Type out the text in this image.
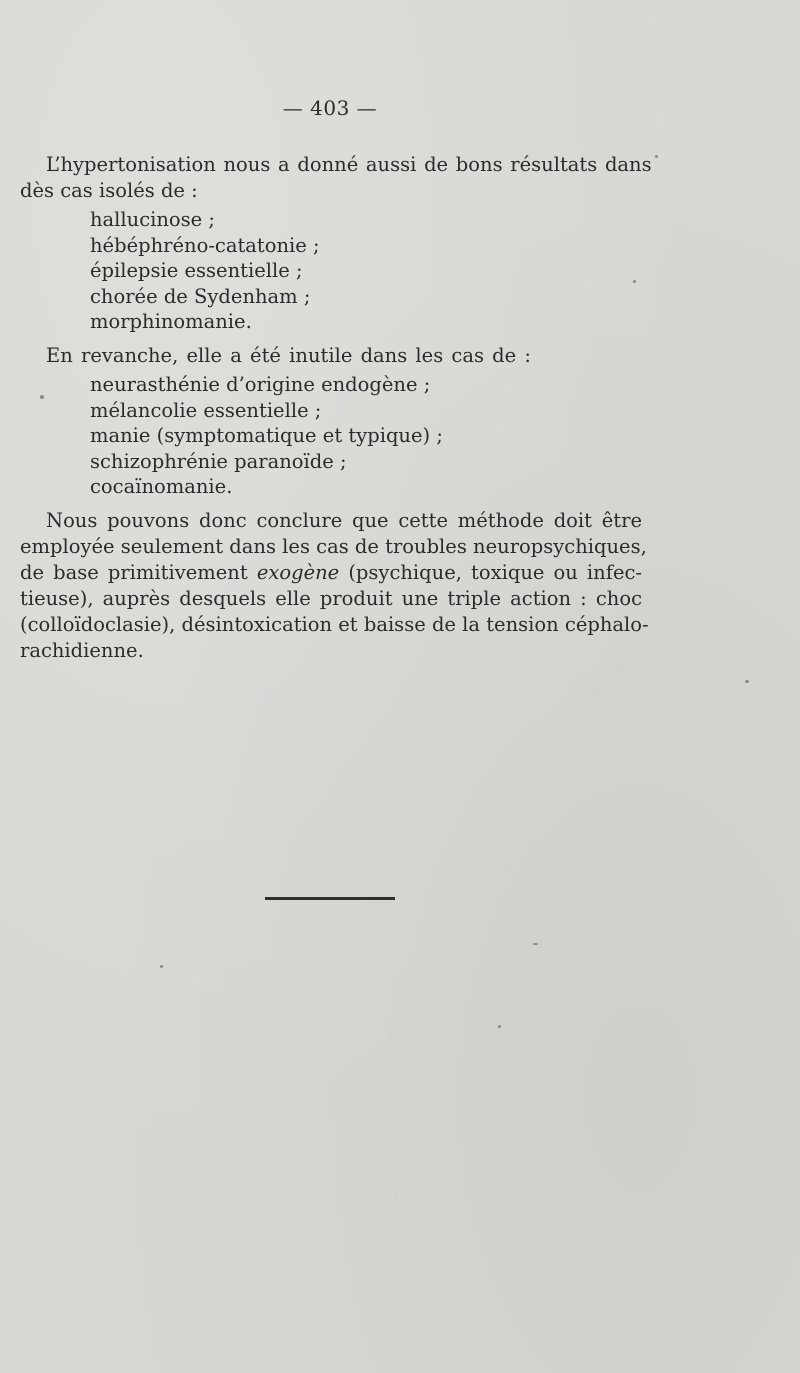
— 403 —
L’hypertonisation nous a donné aussi de bons résultats dans
dès cas isolés de :
hallucinose ;
hébéphréno-catatonie ;
épilepsie essentielle ;
chorée de Sydenham ;
morphinomanie.
En revanche, elle a été inutile dans les cas de :
neurasthénie d’origine endogène ;
mélancolie essentielle ;
manie (symptomatique et typique) ;
schizophrénie paranoïde ;
cocaïnomanie.
Nous pouvons donc conclure que cette méthode doit être
employée seulement dans les cas de troubles neuropsychiques,
de base primitivement exogène (psychique, toxique ou infec-
tieuse), auprès desquels elle produit une triple action : choc
(colloïdoclasie), désintoxication et baisse de la tension céphalo-
rachidienne.
